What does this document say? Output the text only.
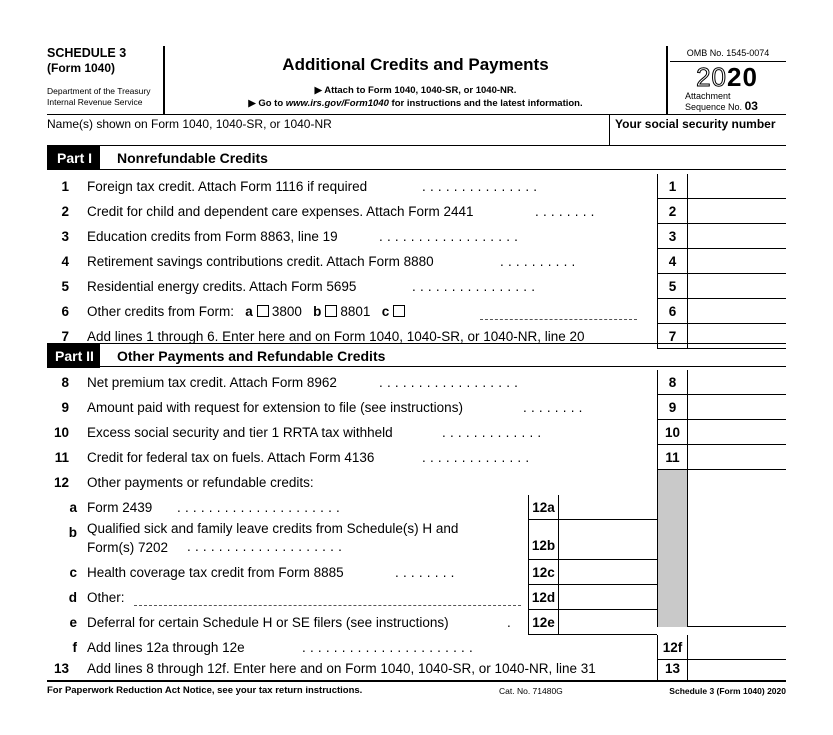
SCHEDULE 3
(Form 1040)
Department of the Treasury
Internal Revenue Service
Additional Credits and Payments
▶ Attach to Form 1040, 1040-SR, or 1040-NR.
▶ Go to www.irs.gov/Form1040 for instructions and the latest information.
OMB No. 1545-0074
2020
Attachment
Sequence No. 03
Name(s) shown on Form 1040, 1040-SR, or 1040-NR	Your social security number
Part I	Nonrefundable Credits
1 Foreign tax credit. Attach Form 1116 if required	...............	1
2 Credit for child and dependent care expenses. Attach Form 2441	........	2
3 Education credits from Form 8863, line 19	..................	3
4 Retirement savings contributions credit. Attach Form 8880	..........	4
5 Residential energy credits. Attach Form 5695	................	5
6 Other credits from Form: a 3800 b 8801 c	6
7 Add lines 1 through 6. Enter here and on Form 1040, 1040-SR, or 1040-NR, line 20	7
Part II	Other Payments and Refundable Credits
8 Net premium tax credit. Attach Form 8962	..................	8
9 Amount paid with request for extension to file (see instructions)	........	9
10 Excess social security and tier 1 RRTA tax withheld	.............	10
11 Credit for federal tax on fuels. Attach Form 4136	..............	11
12 Other payments or refundable credits:
a Form 2439 .....................	12a
b Qualified sick and family leave credits from Schedule(s) H and
Form(s) 7202	....................	12b
c Health coverage tax credit from Form 8885	........	12c
d Other:	12d
e Deferral for certain Schedule H or SE filers (see instructions)	.	12e
f Add lines 12a through 12e	......................	12f
13 Add lines 8 through 12f. Enter here and on Form 1040, 1040-SR, or 1040-NR, line 31	13
For Paperwork Reduction Act Notice, see your tax return instructions.	Cat. No. 71480G	Schedule 3 (Form 1040) 2020
